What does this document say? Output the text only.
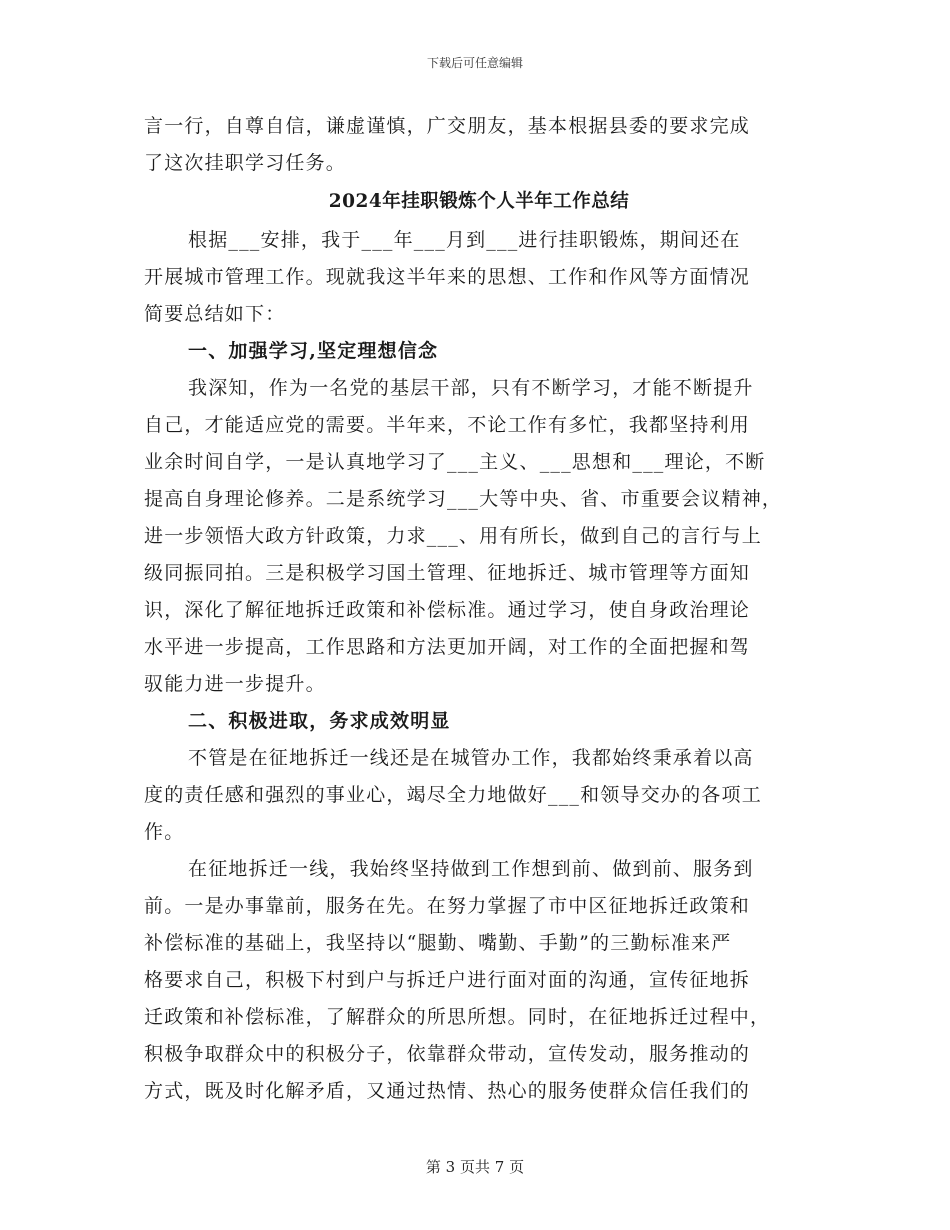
下载后可任意编辑
言一行，自尊自信，谦虚谨慎，广交朋友，基本根据县委的要求完成
了这次挂职学习任务。
2024年挂职锻炼个人半年工作总结
根据___安排，我于___年___月到___进行挂职锻炼，期间还在
开展城市管理工作。现就我这半年来的思想、工作和作风等方面情况
简要总结如下：
一、加强学习,坚定理想信念
我深知，作为一名党的基层干部，只有不断学习，才能不断提升
自己，才能适应党的需要。半年来，不论工作有多忙，我都坚持利用
业余时间自学，一是认真地学习了___主义、___思想和___理论，不断
提高自身理论修养。二是系统学习___大等中央、省、市重要会议精神，
进一步领悟大政方针政策，力求___、用有所长，做到自己的言行与上
级同振同拍。三是积极学习国土管理、征地拆迁、城市管理等方面知
识，深化了解征地拆迁政策和补偿标准。通过学习，使自身政治理论
水平进一步提高，工作思路和方法更加开阔，对工作的全面把握和驾
驭能力进一步提升。
二、积极进取，务求成效明显
不管是在征地拆迁一线还是在城管办工作，我都始终秉承着以高
度的责任感和强烈的事业心，竭尽全力地做好___和领导交办的各项工
作。
在征地拆迁一线，我始终坚持做到工作想到前、做到前、服务到
前。一是办事靠前，服务在先。在努力掌握了市中区征地拆迁政策和
补偿标准的基础上，我坚持以“腿勤、嘴勤、手勤”的三勤标准来严
格要求自己，积极下村到户与拆迁户进行面对面的沟通，宣传征地拆
迁政策和补偿标准，了解群众的所思所想。同时，在征地拆迁过程中，
积极争取群众中的积极分子，依靠群众带动，宣传发动，服务推动的
方式，既及时化解矛盾，又通过热情、热心的服务使群众信任我们的
第 3 页共 7 页
